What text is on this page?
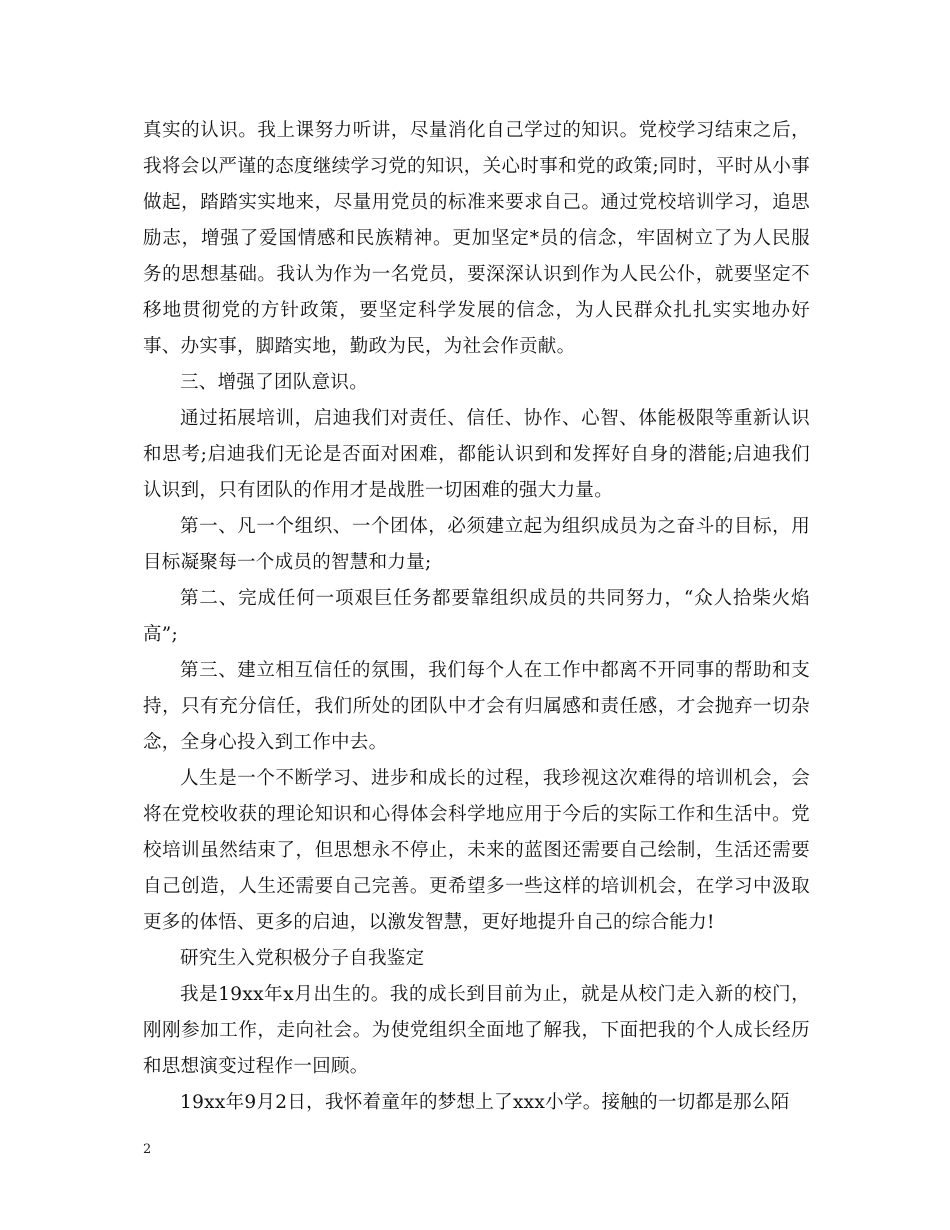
真实的认识。我上课努力听讲，尽量消化自己学过的知识。党校学习结束之后，我将会以严谨的态度继续学习党的知识，关心时事和党的政策;同时，平时从小事做起，踏踏实实地来，尽量用党员的标准来要求自己。通过党校培训学习，追思励志，增强了爱国情感和民族精神。更加坚定*员的信念，牢固树立了为人民服务的思想基础。我认为作为一名党员，要深深认识到作为人民公仆，就要坚定不移地贯彻党的方针政策，要坚定科学发展的信念，为人民群众扎扎实实地办好事、办实事，脚踏实地，勤政为民，为社会作贡献。

三、增强了团队意识。

通过拓展培训，启迪我们对责任、信任、协作、心智、体能极限等重新认识和思考;启迪我们无论是否面对困难，都能认识到和发挥好自身的潜能;启迪我们认识到，只有团队的作用才是战胜一切困难的强大力量。

第一、凡一个组织、一个团体，必须建立起为组织成员为之奋斗的目标，用目标凝聚每一个成员的智慧和力量;

第二、完成任何一项艰巨任务都要靠组织成员的共同努力，“众人拾柴火焰高”;

第三、建立相互信任的氛围，我们每个人在工作中都离不开同事的帮助和支持，只有充分信任，我们所处的团队中才会有归属感和责任感，才会抛弃一切杂念，全身心投入到工作中去。

人生是一个不断学习、进步和成长的过程，我珍视这次难得的培训机会，会将在党校收获的理论知识和心得体会科学地应用于今后的实际工作和生活中。党校培训虽然结束了，但思想永不停止，未来的蓝图还需要自己绘制，生活还需要自己创造，人生还需要自己完善。更希望多一些这样的培训机会，在学习中汲取更多的体悟、更多的启迪，以激发智慧，更好地提升自己的综合能力!

研究生入党积极分子自我鉴定

我是19xx年x月出生的。我的成长到目前为止，就是从校门走入新的校门，刚刚参加工作，走向社会。为使党组织全面地了解我，下面把我的个人成长经历和思想演变过程作一回顾。

19xx年9月2日，我怀着童年的梦想上了xxx小学。接触的一切都是那么陌

2
